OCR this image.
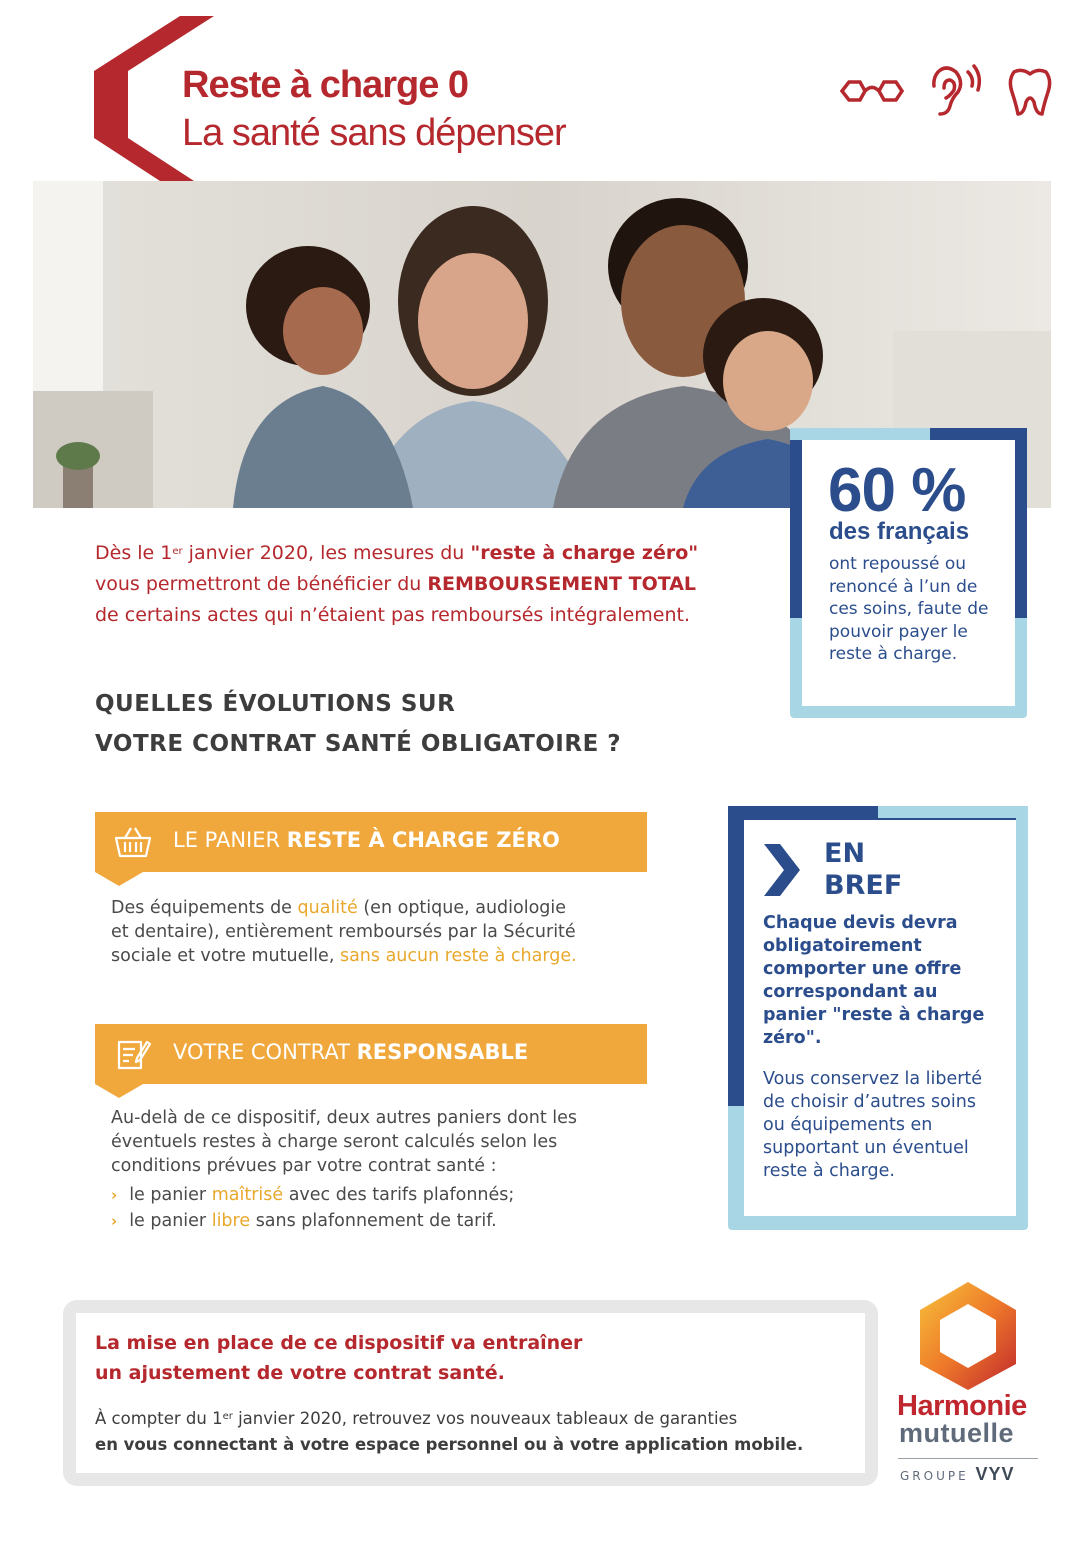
Reste à charge 0
La santé sans dépenser
60 %
des français
ont repoussé ou renoncé à l’un de ces soins, faute de pouvoir payer le reste à charge.
Dès le 1er janvier 2020, les mesures du "reste à charge zéro"
vous permettront de bénéficier du REMBOURSEMENT TOTAL
de certains actes qui n’étaient pas remboursés intégralement.
QUELLES ÉVOLUTIONS SUR
VOTRE CONTRAT SANTÉ OBLIGATOIRE ?
LE PANIER RESTE À CHARGE ZÉRO
Des équipements de qualité (en optique, audiologie
et dentaire), entièrement remboursés par la Sécurité
sociale et votre mutuelle, sans aucun reste à charge.
VOTRE CONTRAT RESPONSABLE
Au-delà de ce dispositif, deux autres paniers dont les
éventuels restes à charge seront calculés selon les
conditions prévues par votre contrat santé :
› le panier maîtrisé avec des tarifs plafonnés;
› le panier libre sans plafonnement de tarif.
EN
BREF
Chaque devis devra obligatoirement comporter une offre correspondant au panier "reste à charge zéro".
Vous conservez la liberté de choisir d’autres soins ou équipements en supportant un éventuel reste à charge.
La mise en place de ce dispositif va entraîner
un ajustement de votre contrat santé.
À compter du 1er janvier 2020, retrouvez vos nouveaux tableaux de garanties
en vous connectant à votre espace personnel ou à votre application mobile.
Harmonie
mutuelle
GROUPE VYV
